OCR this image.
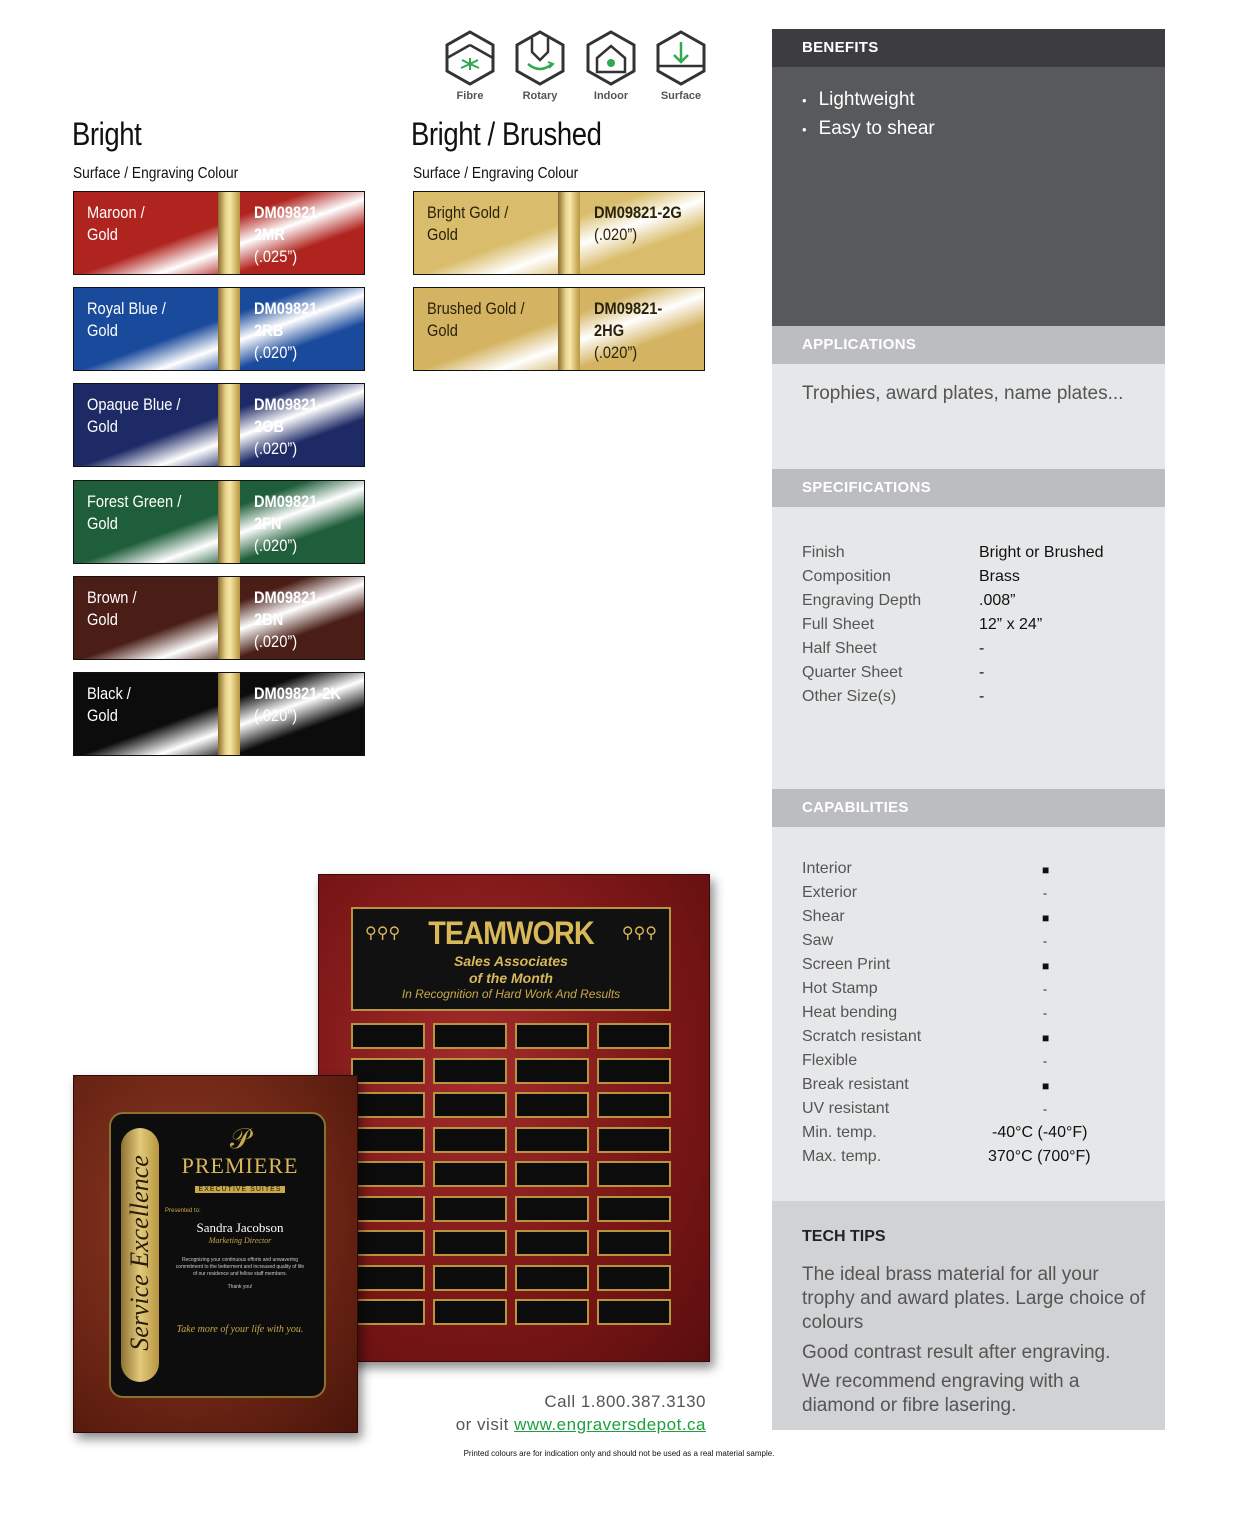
Fibre	Rotary	Indoor	Surface
Bright
Surface / Engraving Colour
Bright / Brushed
Surface / Engraving Colour
Maroon /
Gold
DM09821-2MR
(.025”)
Royal Blue /
Gold
DM09821-2RB
(.020”)
Opaque Blue /
Gold
DM09821-2OB
(.020”)
Forest Green /
Gold
DM09821-2FN
(.020”)
Brown /
Gold
DM09821-2BN
(.020”)
Black /
Gold
DM09821-2K
(.020”)
Bright Gold /
Gold
DM09821-2G
(.020”)
Brushed Gold /
Gold
DM09821-2HG
(.020”)
BENEFITS
• Lightweight
• Easy to shear
APPLICATIONS
Trophies, award plates, name plates...
SPECIFICATIONS
Finish	Bright or Brushed
Composition	Brass
Engraving Depth	.008”
Full Sheet	12” x 24”
Half Sheet	-
Quarter Sheet	-
Other Size(s)	-
CAPABILITIES
Interior	■
Exterior	-
Shear	■
Saw	-
Screen Print	■
Hot Stamp	-
Heat bending	-
Scratch resistant	■
Flexible	-
Break resistant	■
UV resistant	-
Min. temp.	-40°C (-40°F)
Max. temp.	370°C (700°F)
TECH TIPS
The ideal brass material for all your trophy and award plates. Large choice of colours
Good contrast result after engraving.
We recommend engraving with a diamond or fibre lasering.
⚲⚲⚲	⚲⚲⚲
TEAMWORK
Sales Associates
of the Month
In Recognition of Hard Work And Results
Service Excellence
𝒫
PREMIERE
EXECUTIVE SUITES
Presented to:
Sandra Jacobson
Marketing Director
Recognizing your continuous efforts and unwavering commitment to the betterment and increased quality of life of our residence and fellow staff members.
Thank you!
Take more of your life with you.
Call 1.800.387.3130
or visit www.engraversdepot.ca
Printed colours are for indication only and should not be used as a real material sample.
